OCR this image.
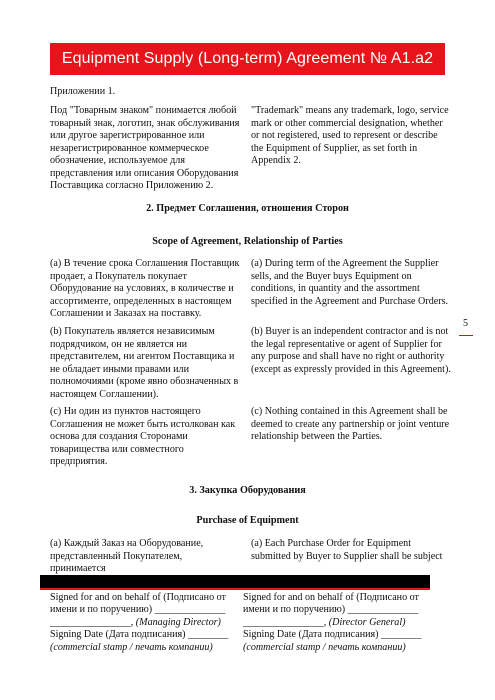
Equipment Supply (Long-term) Agreement № A1.a2
Приложении 1.
Под "Товарным знаком" понимается любой товарный знак, логотип, знак обслуживания или другое зарегистрированное или незарегистрированное коммерческое обозначение, используемое для представления или описания Оборудования Поставщика согласно Приложению 2.
"Trademark" means any trademark, logo, service mark or other commercial designation, whether or not registered, used to represent or describe the Equipment of Supplier, as set forth in Appendix 2.
2. Предмет Соглашения, отношения Сторон
Scope of Agreement, Relationship of Parties
(а) В течение срока Соглашения Поставщик продает, а Покупатель покупает Оборудование на условиях, в количестве и ассортименте, определенных в настоящем Соглашении и Заказах на поставку.
(a) During term of the Agreement the Supplier sells, and the Buyer buys Equipment on conditions, in quantity and the assortment specified in the Agreement and Purchase Orders.
(b) Покупатель является независимым подрядчиком, он не является ни представителем, ни агентом Поставщика и не обладает иными правами или полномочиями (кроме явно обозначенных в настоящем Соглашении).
(b) Buyer is an independent contractor and is not the legal representative or agent of Supplier for any purpose and shall have no right or authority (except as expressly provided in this Agreement).
(с) Ни один из пунктов настоящего Соглашения не может быть истолкован как основа для создания Сторонами товарищества или совместного предприятия.
(c) Nothing contained in this Agreement shall be deemed to create any partnership or joint venture relationship between the Parties.
3. Закупка Оборудования
Purchase of Equipment
(а) Каждый Заказ на Оборудование, представленный Покупателем, принимается
(a) Each Purchase Order for Equipment submitted by Buyer to Supplier shall be subject
5
Signed for and on behalf of (Подписано от имени и по поручению) ______________
________________, (Managing Director)
Signing Date (Дата подписания) ________
(commercial stamp / печать компании)
Signed for and on behalf of (Подписано от имени и по поручению) ______________
________________, (Director General)
Signing Date (Дата подписания) ________
(commercial stamp / печать компании)
